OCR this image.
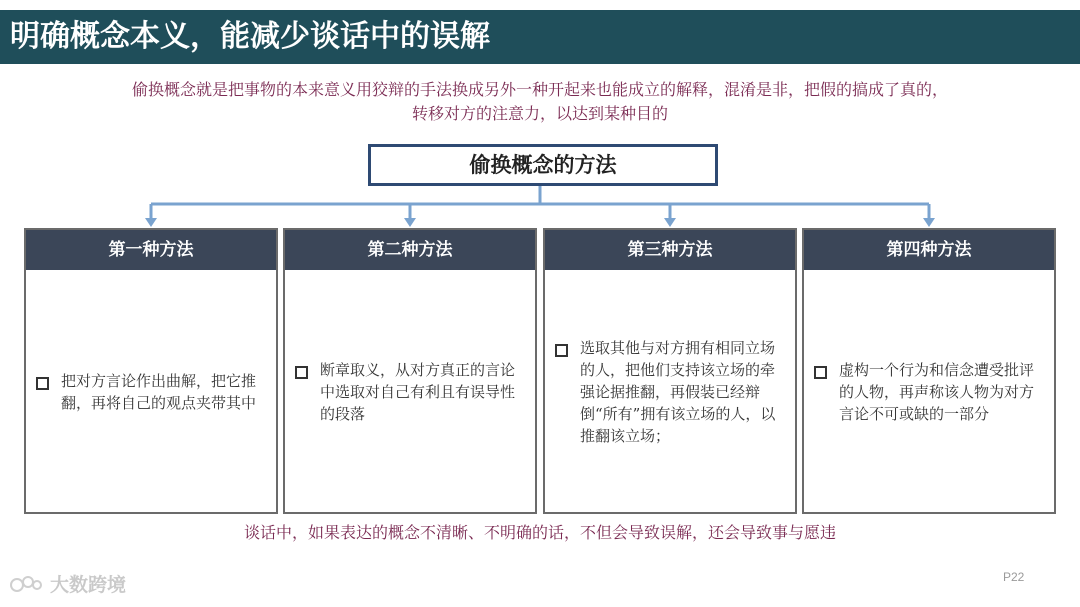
明确概念本义，能减少谈话中的误解
偷换概念就是把事物的本来意义用狡辩的手法换成另外一种开起来也能成立的解释，混淆是非，把假的搞成了真的，
转移对方的注意力，以达到某种目的
偷换概念的方法
第一种方法
把对方言论作出曲解，把它推翻，再将自己的观点夹带其中
第二种方法
断章取义，从对方真正的言论中选取对自己有利且有误导性的段落
第三种方法
选取其他与对方拥有相同立场的人，把他们支持该立场的牵强论据推翻，再假装已经辩倒“所有”拥有该立场的人，以推翻该立场；
第四种方法
虚构一个行为和信念遭受批评的人物，再声称该人物为对方言论不可或缺的一部分
谈话中，如果表达的概念不清晰、不明确的话，不但会导致误解，还会导致事与愿违
大数跨境	P22
